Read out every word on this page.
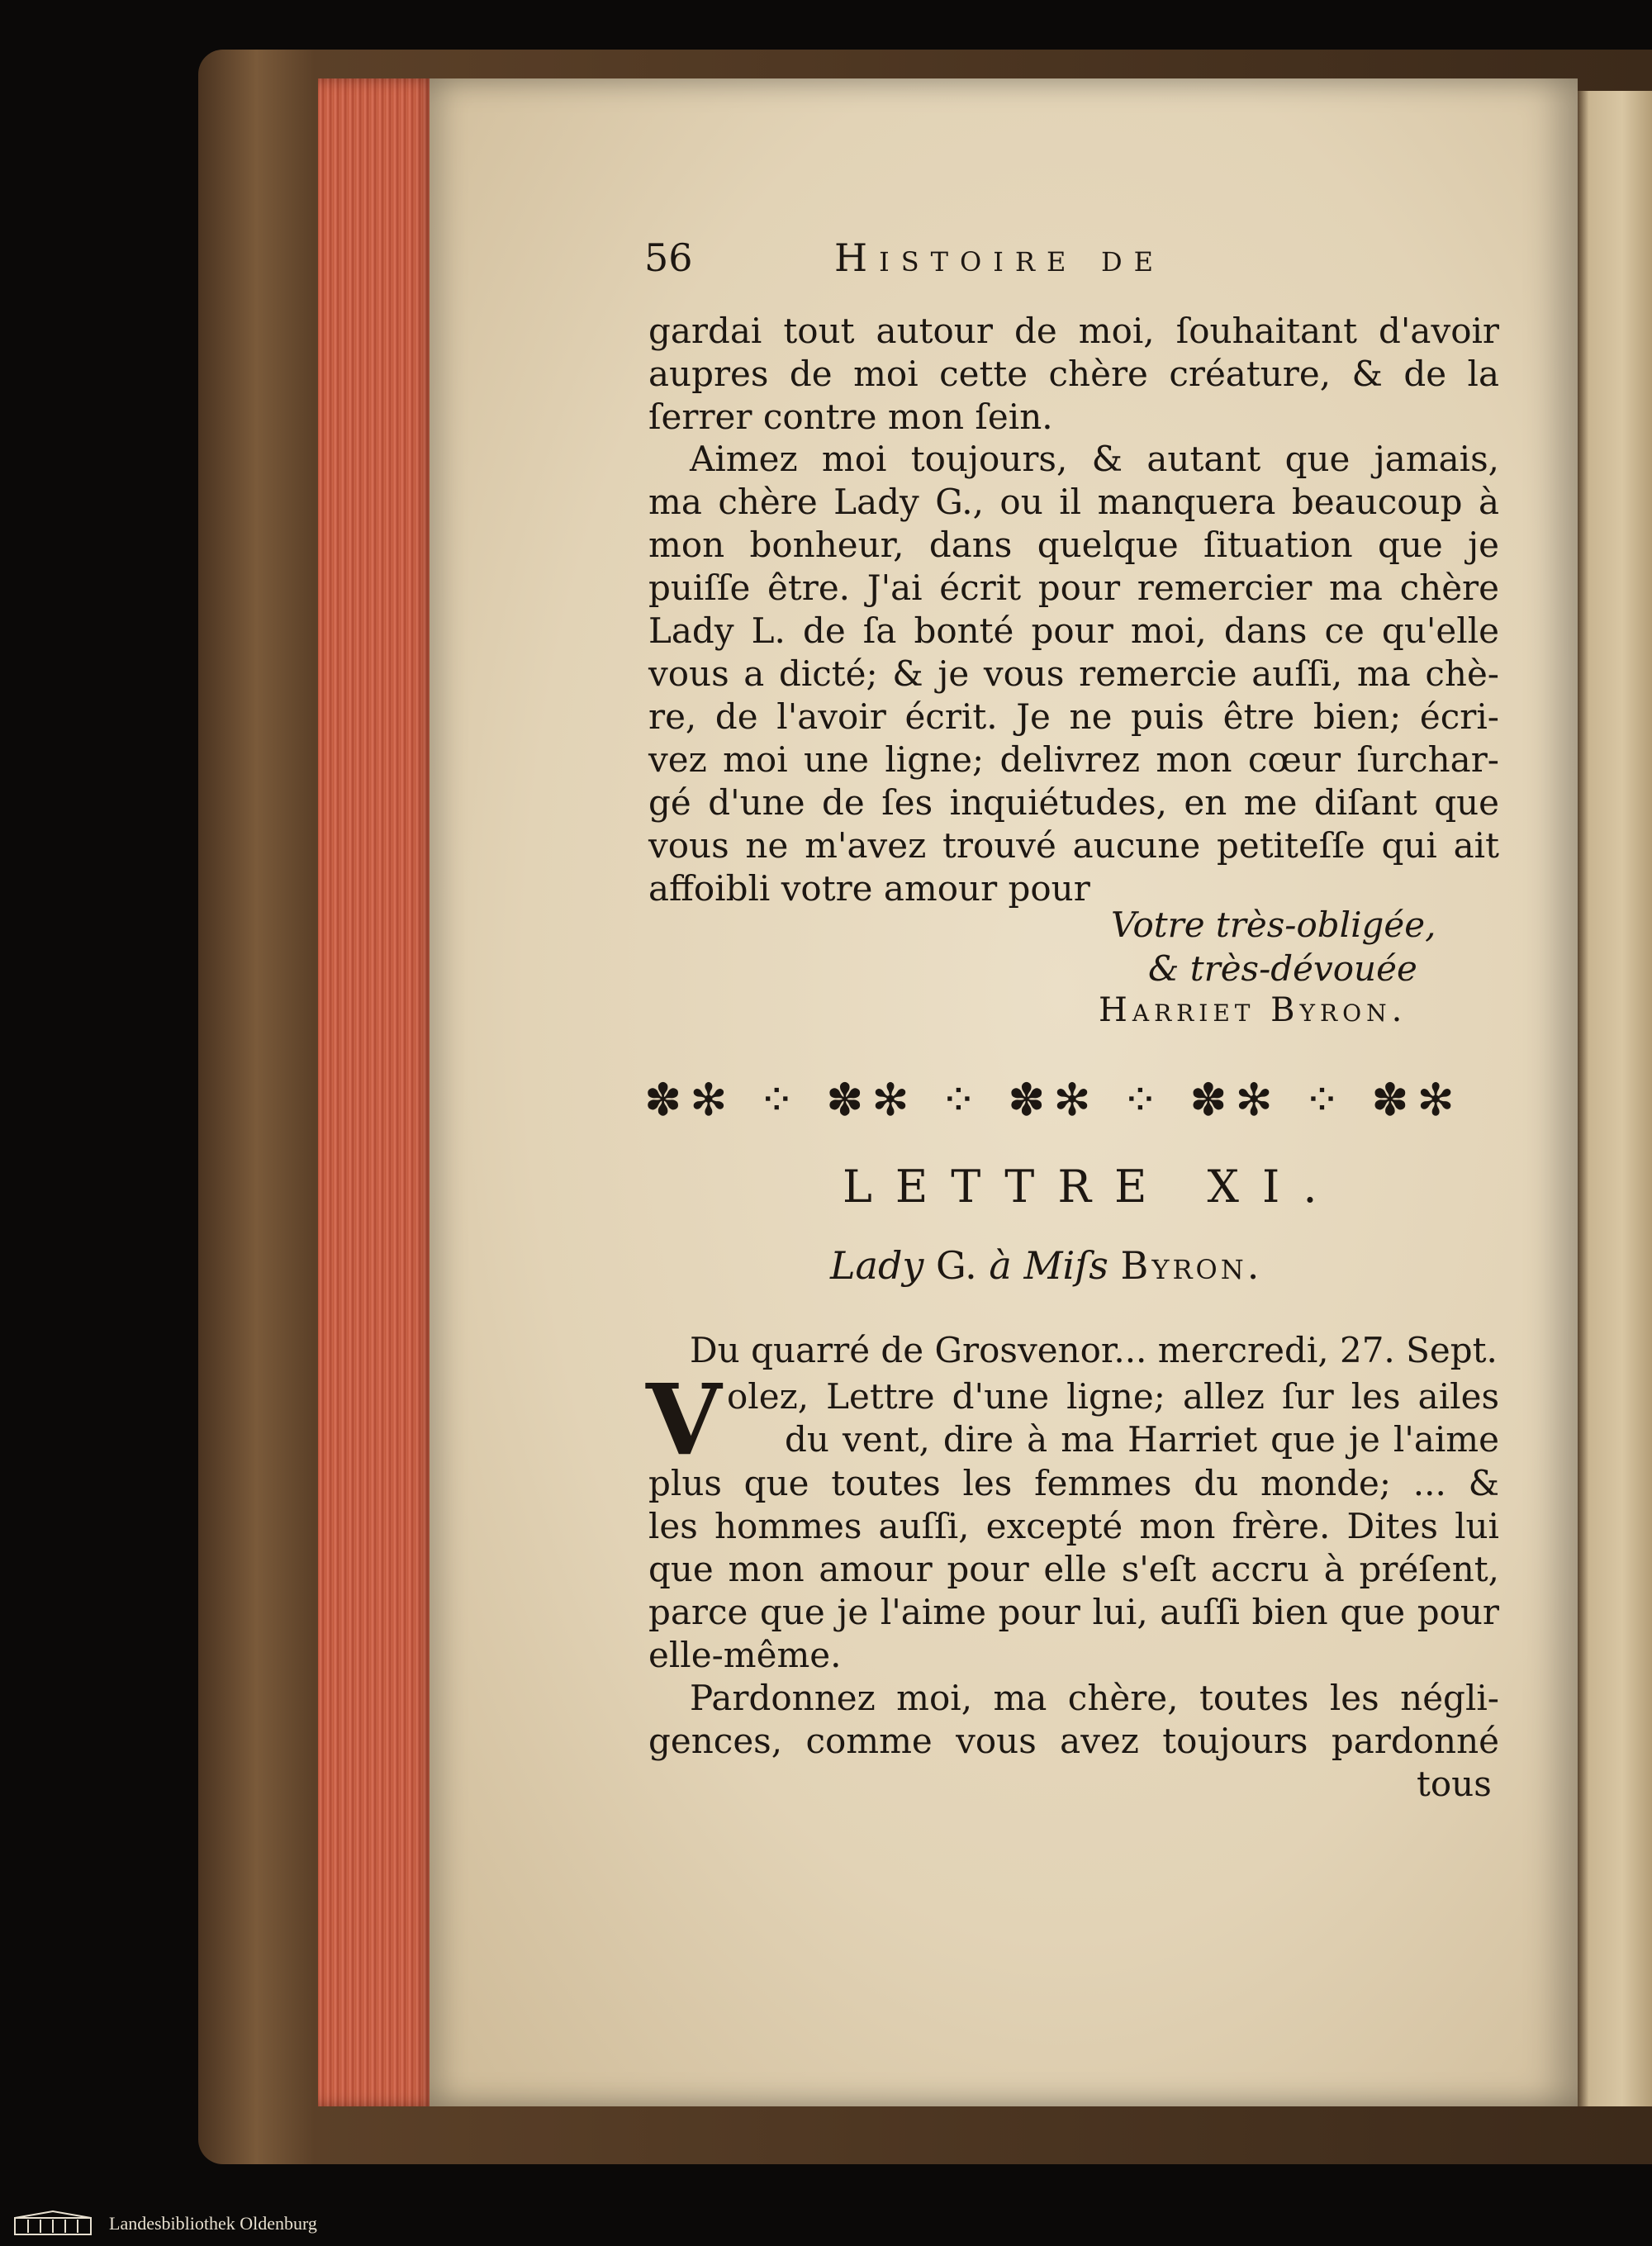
56	Histoire de
gardai tout autour de moi, ſouhaitant d'avoir
aupres de moi cette chère créature, & de la
ſerrer contre mon ſein.
Aimez moi toujours, & autant que jamais,
ma chère Lady G., ou il manquera beaucoup à
mon bonheur, dans quelque ſituation que je
puiſſe être. J'ai écrit pour remercier ma chère
Lady L. de ſa bonté pour moi, dans ce qu'elle
vous a dicté; & je vous remercie auſſi, ma chè-
re, de l'avoir écrit. Je ne puis être bien; écri-
vez moi une ligne; delivrez mon cœur ſurchar-
gé d'une de ſes inquiétudes, en me diſant que
vous ne m'avez trouvé aucune petiteſſe qui ait
affoibli votre amour pour
Votre très-obligée,
& très-dévouée
Harriet Byron.
✽✻ ⁘ ✽✻ ⁘ ✽✻ ⁘ ✽✻ ⁘ ✽✻
LETTRE XI.
Lady G. à Miſs Byron.
Du quarré de Grosvenor... mercredi, 27. Sept.
V olez, Lettre d'une ligne; allez ſur les ailes
du vent, dire à ma Harriet que je l'aime
plus que toutes les femmes du monde; ... &
les hommes auſſi, excepté mon frère. Dites lui
que mon amour pour elle s'eſt accru à préſent,
parce que je l'aime pour lui, auſſi bien que pour
elle-même.
Pardonnez moi, ma chère, toutes les négli-
gences, comme vous avez toujours pardonné
tous
Landesbibliothek Oldenburg
